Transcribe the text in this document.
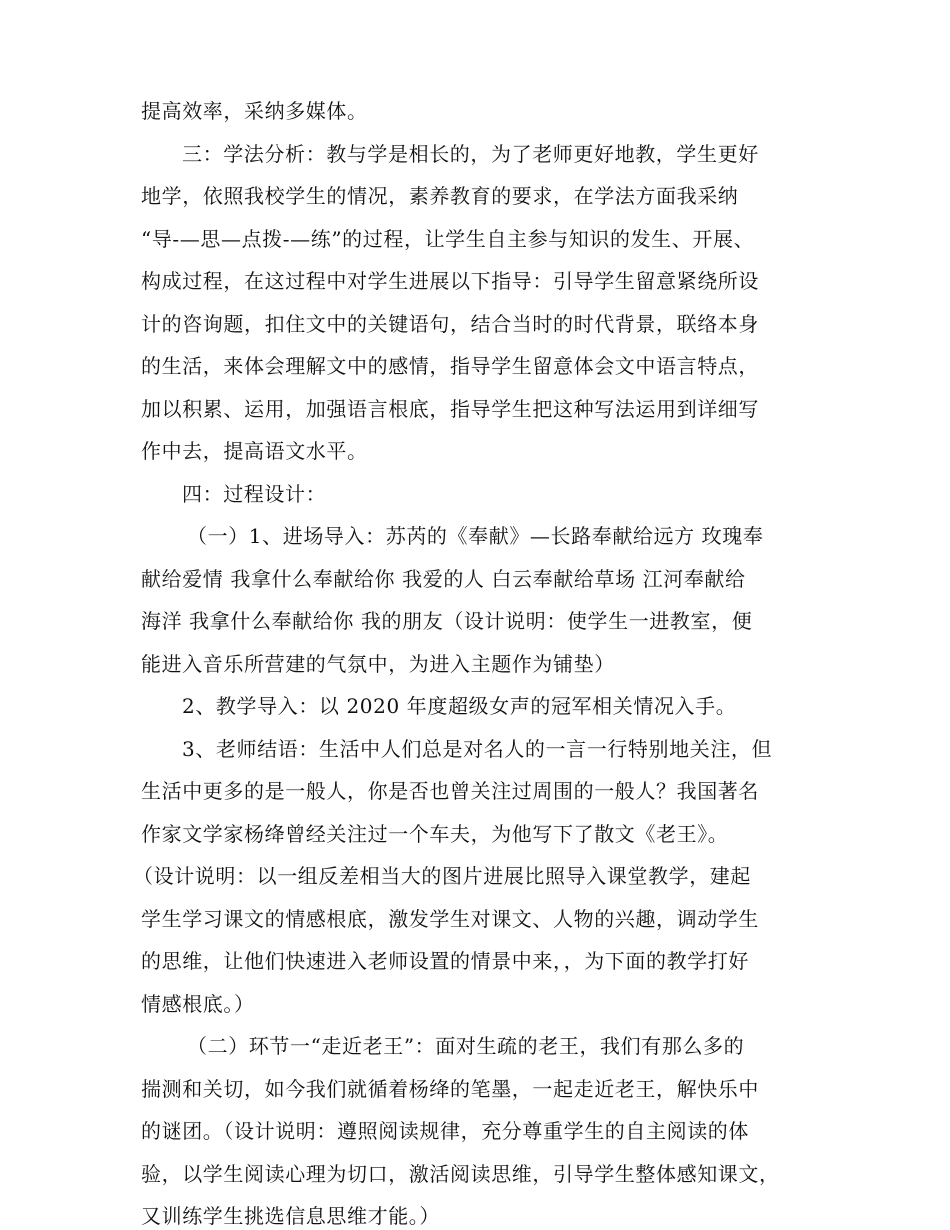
提高效率，采纳多媒体。
三：学法分析：教与学是相长的，为了老师更好地教，学生更好
地学，依照我校学生的情况，素养教育的要求，在学法方面我采纳
“导-—思—点拨-—练”的过程，让学生自主参与知识的发生、开展、
构成过程，在这过程中对学生进展以下指导：引导学生留意紧绕所设
计的咨询题，扣住文中的关键语句，结合当时的时代背景，联络本身
的生活，来体会理解文中的感情，指导学生留意体会文中语言特点，
加以积累、运用，加强语言根底，指导学生把这种写法运用到详细写
作中去，提高语文水平。
四：过程设计：
（一）1、进场导入：苏芮的《奉献》—长路奉献给远方 玫瑰奉
献给爱情 我拿什么奉献给你 我爱的人 白云奉献给草场 江河奉献给
海洋 我拿什么奉献给你 我的朋友（设计说明：使学生一进教室，便
能进入音乐所营建的气氛中，为进入主题作为铺垫）
2、教学导入：以 2020 年度超级女声的冠军相关情况入手。
3、老师结语：生活中人们总是对名人的一言一行特别地关注，但
生活中更多的是一般人，你是否也曾关注过周围的一般人？我国著名
作家文学家杨绛曾经关注过一个车夫，为他写下了散文《老王》。
（设计说明：以一组反差相当大的图片进展比照导入课堂教学，建起
学生学习课文的情感根底，激发学生对课文、人物的兴趣，调动学生
的思维，让他们快速进入老师设置的情景中来，，为下面的教学打好
情感根底。）
（二）环节一“走近老王”：面对生疏的老王，我们有那么多的
揣测和关切，如今我们就循着杨绛的笔墨，一起走近老王，解快乐中
的谜团。（设计说明：遵照阅读规律，充分尊重学生的自主阅读的体
验，以学生阅读心理为切口，激活阅读思维，引导学生整体感知课文，
又训练学生挑选信息思维才能。）
